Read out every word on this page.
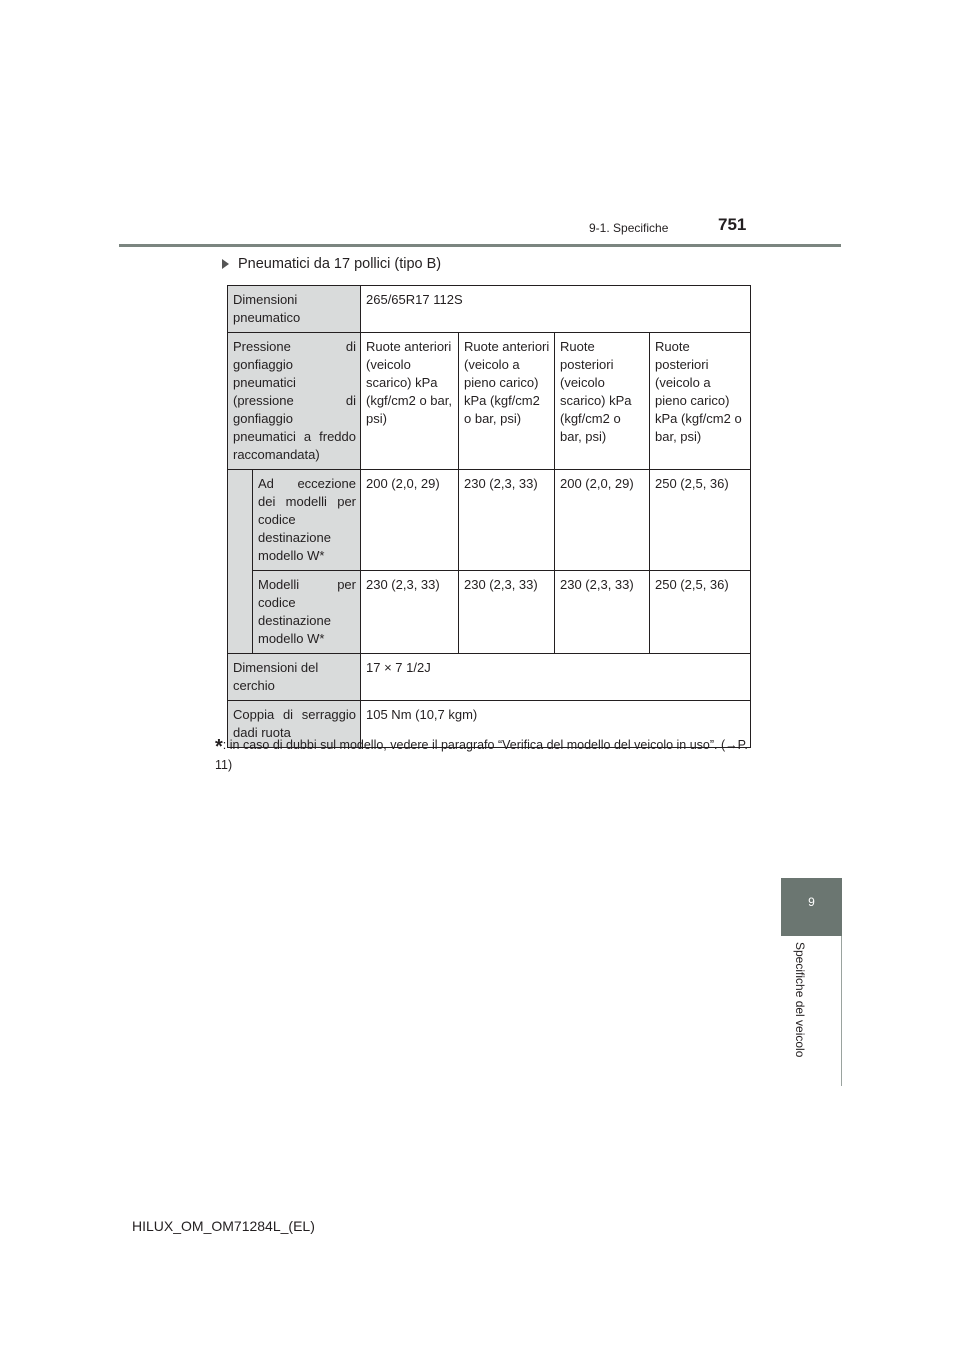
9-1. Specifiche	751
9
Specifiche del veicolo
Pneumatici da 17 pollici (tipo B)
Dimensioni pneumatico		265/65R17 112S			
Pressione di gonfiaggio pneumatici (pressione di gonfiaggio pneumatici a freddo raccomandata)		Ruote anteriori (veicolo scarico) kPa (kgf/cm2 o bar, psi)	Ruote anteriori (veicolo a pieno carico) kPa (kgf/cm2 o bar, psi)	Ruote posteriori (veicolo scarico) kPa (kgf/cm2 o bar, psi)	Ruote posteriori (veicolo a pieno carico) kPa (kgf/cm2 o bar, psi)
	Ad eccezione dei modelli per codice destinazione modello W*	200 (2,0, 29)	230 (2,3, 33)	200 (2,0, 29)	250 (2,5, 36)
	Modelli per codice destinazione modello W*	230 (2,3, 33)	230 (2,3, 33)	230 (2,3, 33)	250 (2,5, 36)
Dimensioni del cerchio		17 × 7 1/2J			
Coppia di serraggio dadi ruota		105 Nm (10,7 kgm)			
*: in caso di dubbi sul modello, vedere il paragrafo “Verifica del modello del veicolo in uso”. (→P. 11)
HILUX_OM_OM71284L_(EL)
